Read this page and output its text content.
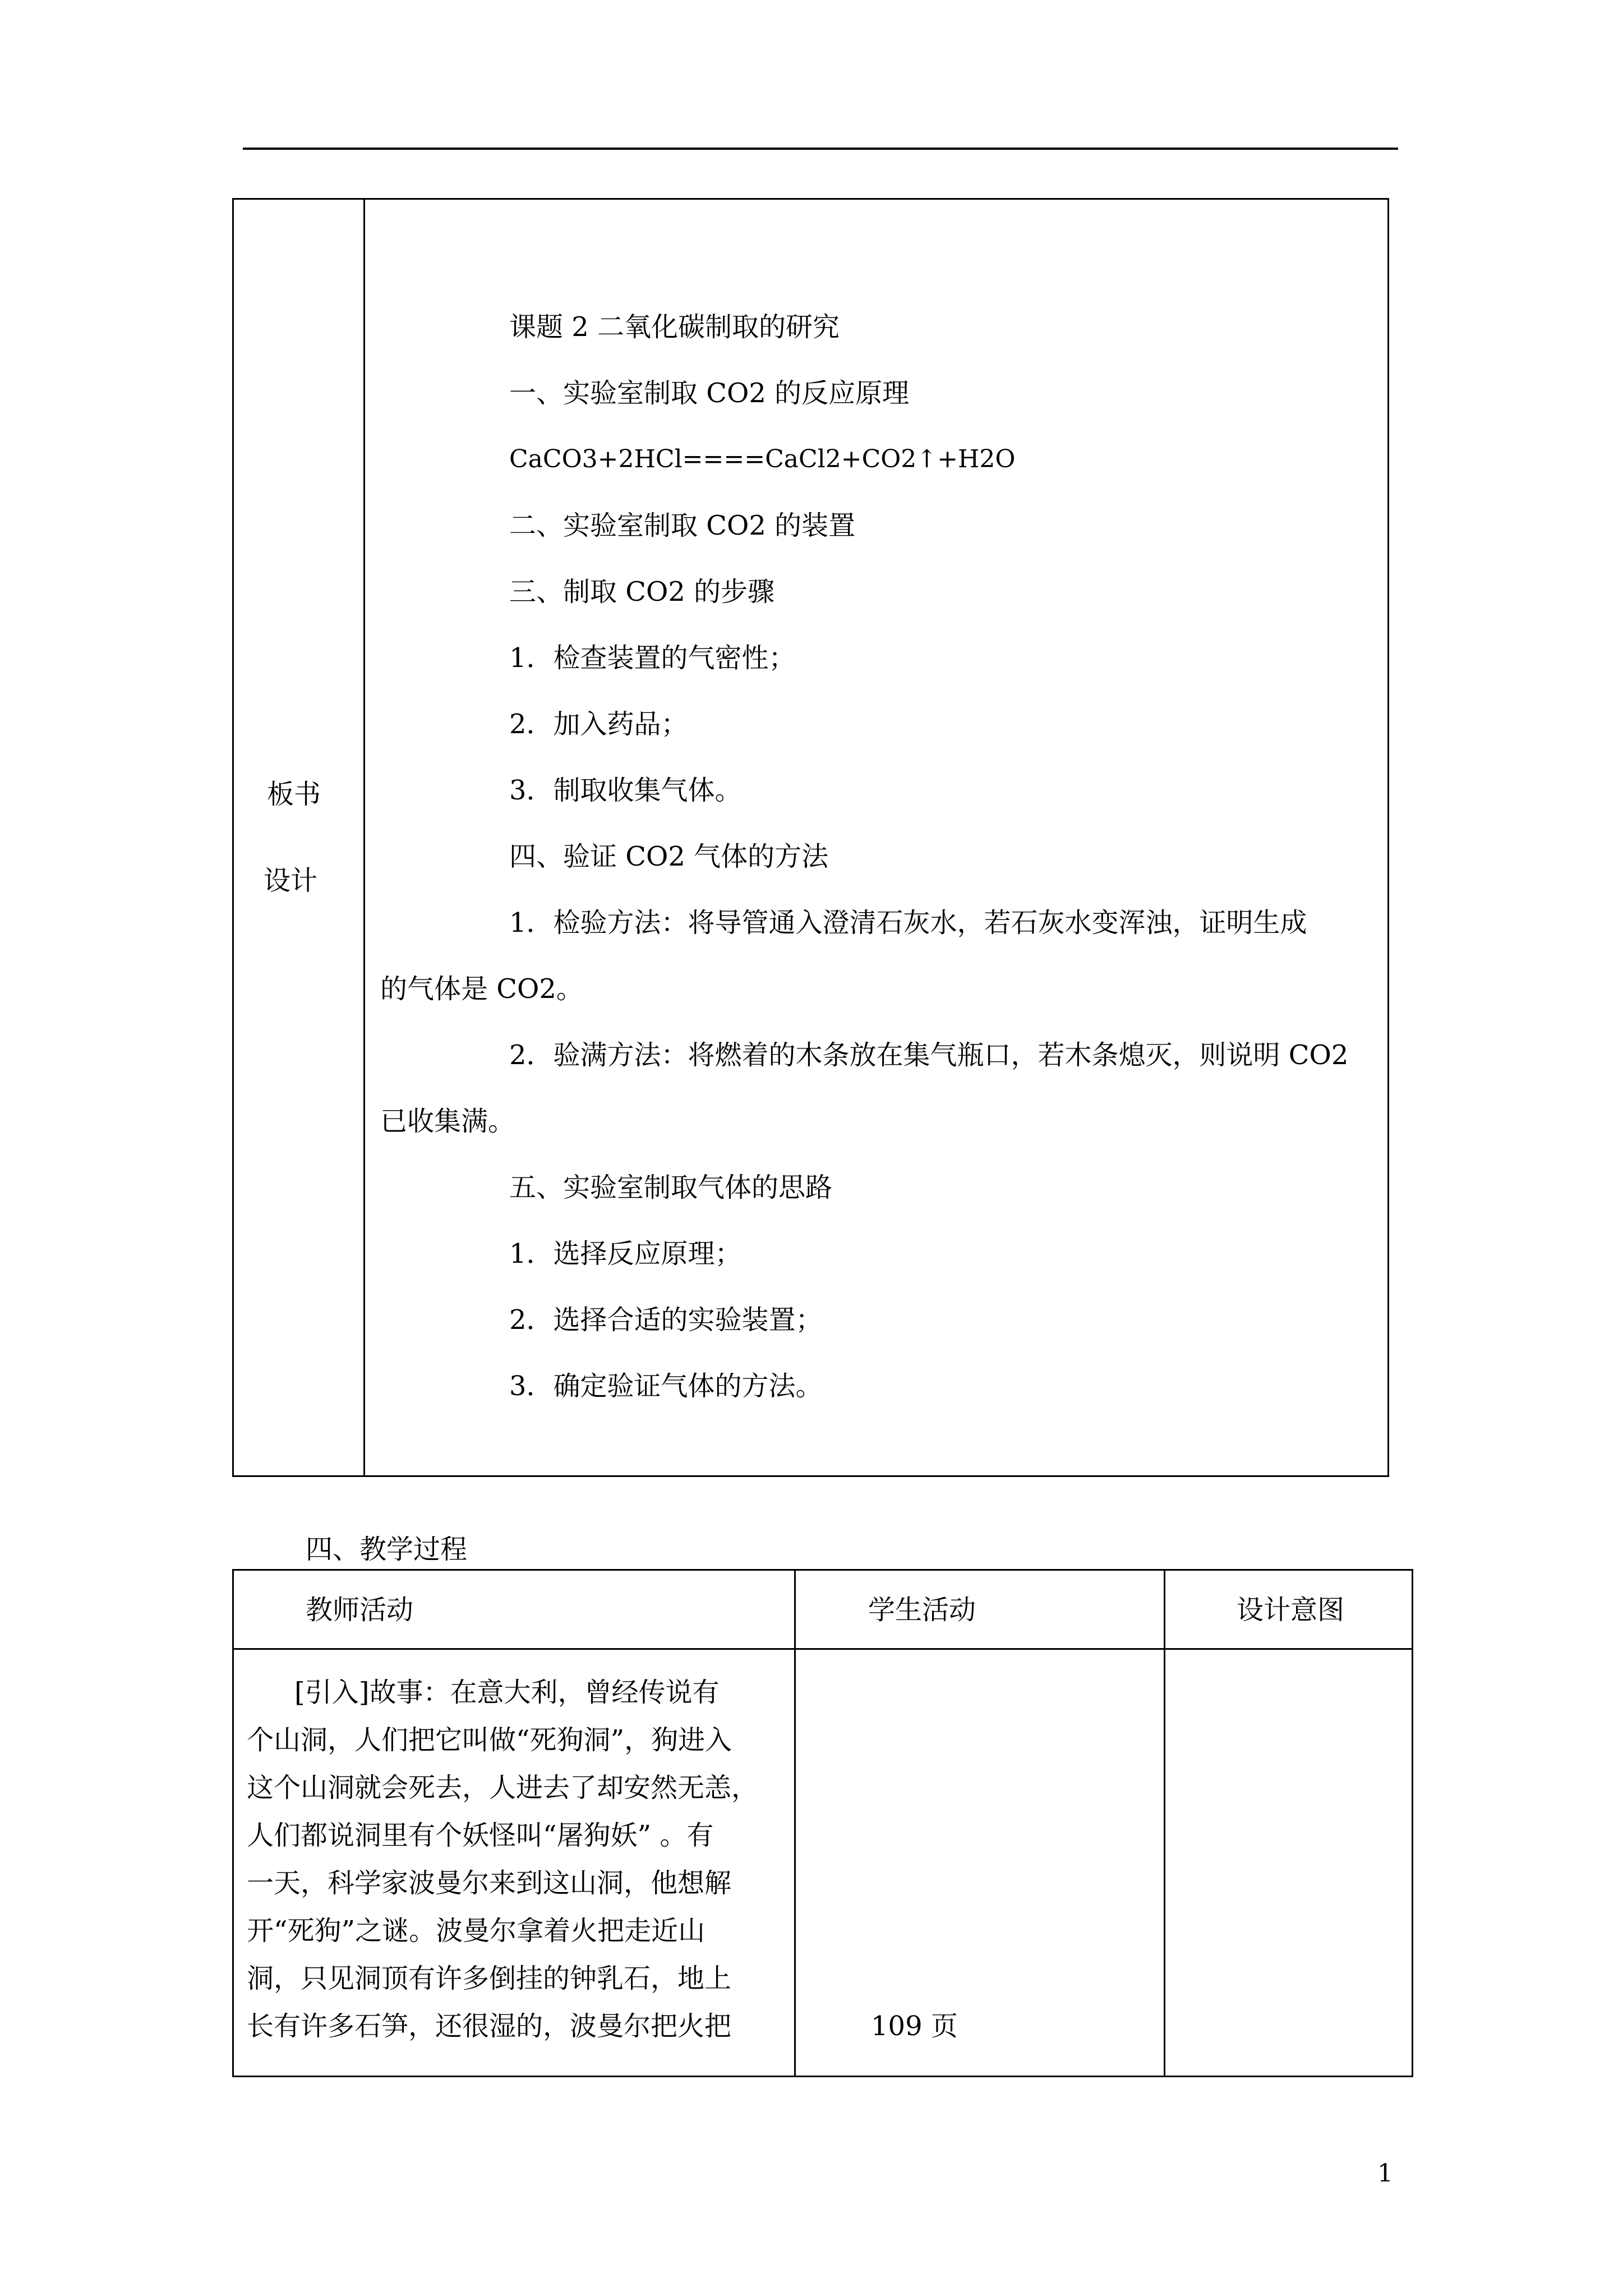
板书
设计
课题 2 二氧化碳制取的研究
一、实验室制取 CO2 的反应原理
CaCO3+2HCl====CaCl2+CO2↑+H2O
二、实验室制取 CO2 的装置
三、制取 CO2 的步骤
1．检查装置的气密性；
2．加入药品；
3．制取收集气体。
四、验证 CO2 气体的方法
1．检验方法：将导管通入澄清石灰水，若石灰水变浑浊，证明生成
的气体是 CO2。
2．验满方法：将燃着的木条放在集气瓶口，若木条熄灭，则说明 CO2
已收集满。
五、实验室制取气体的思路
1．选择反应原理；
2．选择合适的实验装置；
3．确定验证气体的方法。
四、教学过程
教师活动	学生活动	设计意图
[引入]故事：在意大利，曾经传说有
个山洞，人们把它叫做“死狗洞”，狗进入
这个山洞就会死去，人进去了却安然无恙，
人们都说洞里有个妖怪叫“屠狗妖” 。有
一天，科学家波曼尔来到这山洞，他想解
开“死狗”之谜。波曼尔拿着火把走近山
洞，只见洞顶有许多倒挂的钟乳石，地上
长有许多石笋，还很湿的，波曼尔把火把	109 页
1
